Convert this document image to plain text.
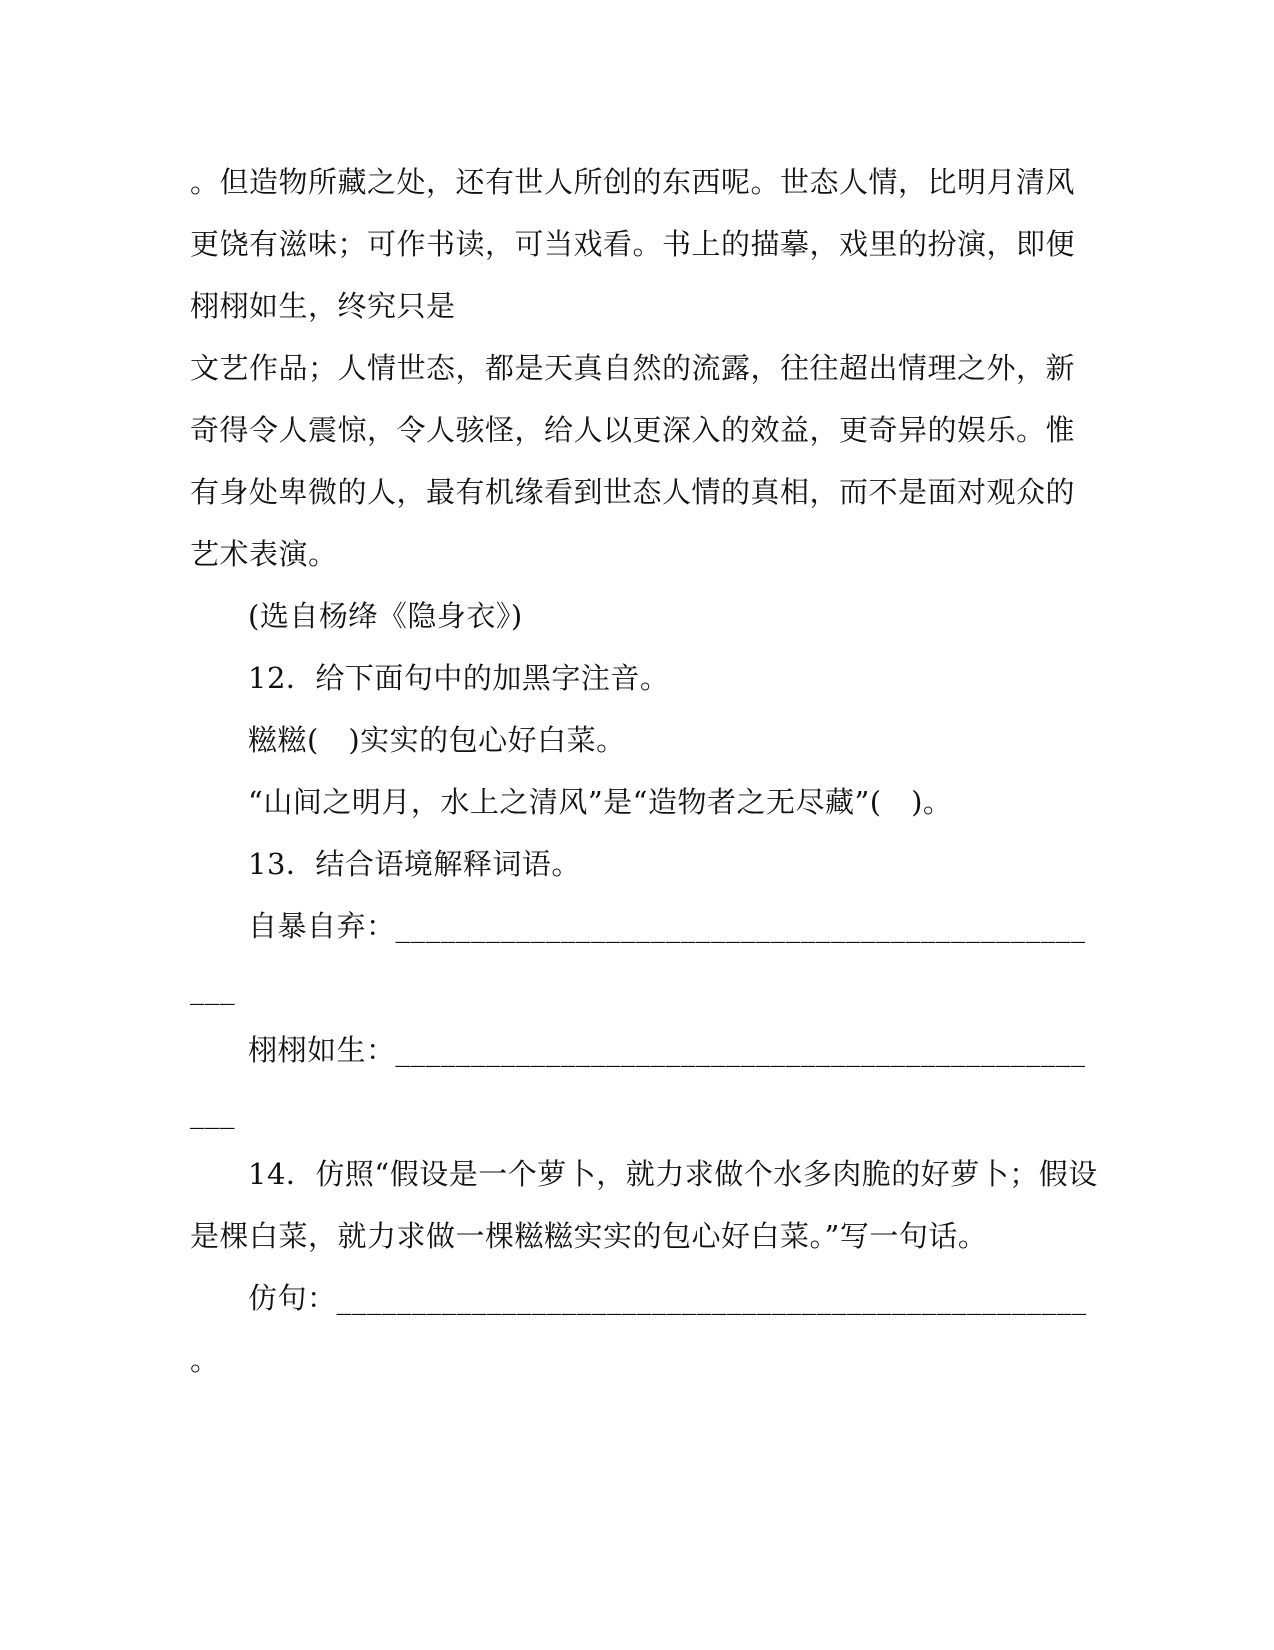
。但造物所藏之处，还有世人所创的东西呢。世态人情，比明月清风
更饶有滋味；可作书读，可当戏看。书上的描摹，戏里的扮演，即便
栩栩如生，终究只是
文艺作品；人情世态，都是天真自然的流露，往往超出情理之外，新
奇得令人震惊，令人骇怪，给人以更深入的效益，更奇异的娱乐。惟
有身处卑微的人，最有机缘看到世态人情的真相，而不是面对观众的
艺术表演。
(选自杨绛《隐身衣》)
12．给下面句中的加黑字注音。
糍糍(　)实实的包心好白菜。
“山间之明月，水上之清风”是“造物者之无尽藏”(　)。
13．结合语境解释词语。
自暴自弃：______________________________________________
___
栩栩如生：______________________________________________
___
14．仿照“假设是一个萝卜，就力求做个水多肉脆的好萝卜；假设
是棵白菜，就力求做一棵糍糍实实的包心好白菜。”写一句话。
仿句：__________________________________________________
。
